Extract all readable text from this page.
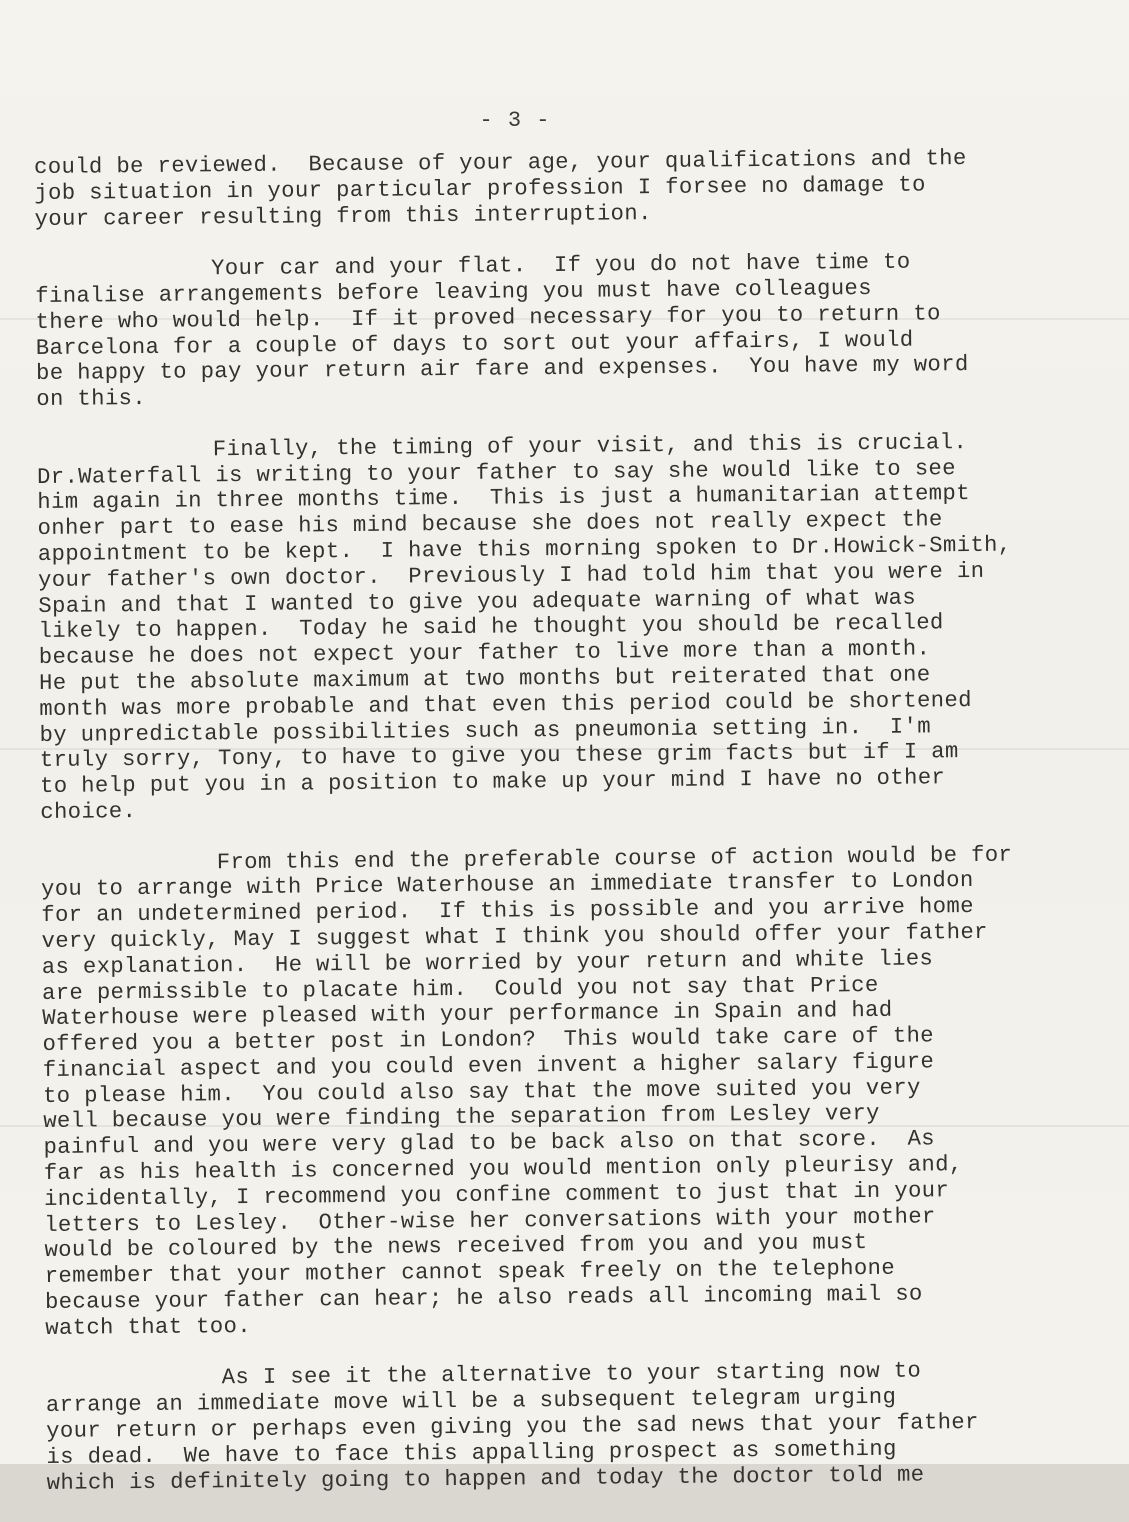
- 3 -
could be reviewed.  Because of your age, your qualifications and the
job situation in your particular profession I forsee no damage to
your career resulting from this interruption.
Your car and your flat.  If you do not have time to
finalise arrangements before leaving you must have colleagues
there who would help.  If it proved necessary for you to return to
Barcelona for a couple of days to sort out your affairs, I would
be happy to pay your return air fare and expenses.  You have my word
on this.
Finally, the timing of your visit, and this is crucial.
Dr.Waterfall is writing to your father to say she would like to see
him again in three months time.  This is just a humanitarian attempt
onher part to ease his mind because she does not really expect the
appointment to be kept.  I have this morning spoken to Dr.Howick-Smith,
your father's own doctor.  Previously I had told him that you were in
Spain and that I wanted to give you adequate warning of what was
likely to happen.  Today he said he thought you should be recalled
because he does not expect your father to live more than a month.
He put the absolute maximum at two months but reiterated that one
month was more probable and that even this period could be shortened
by unpredictable possibilities such as pneumonia setting in.  I'm
truly sorry, Tony, to have to give you these grim facts but if I am
to help put you in a position to make up your mind I have no other
choice.
From this end the preferable course of action would be for
you to arrange with Price Waterhouse an immediate transfer to London
for an undetermined period.  If this is possible and you arrive home
very quickly, May I suggest what I think you should offer your father
as explanation.  He will be worried by your return and white lies
are permissible to placate him.  Could you not say that Price
Waterhouse were pleased with your performance in Spain and had
offered you a better post in London?  This would take care of the
financial aspect and you could even invent a higher salary figure
to please him.  You could also say that the move suited you very
well because you were finding the separation from Lesley very
painful and you were very glad to be back also on that score.  As
far as his health is concerned you would mention only pleurisy and,
incidentally, I recommend you confine comment to just that in your
letters to Lesley.  Other-wise her conversations with your mother
would be coloured by the news received from you and you must
remember that your mother cannot speak freely on the telephone
because your father can hear; he also reads all incoming mail so
watch that too.
As I see it the alternative to your starting now to
arrange an immediate move will be a subsequent telegram urging
your return or perhaps even giving you the sad news that your father
is dead.  We have to face this appalling prospect as something
which is definitely going to happen and today the doctor told me
